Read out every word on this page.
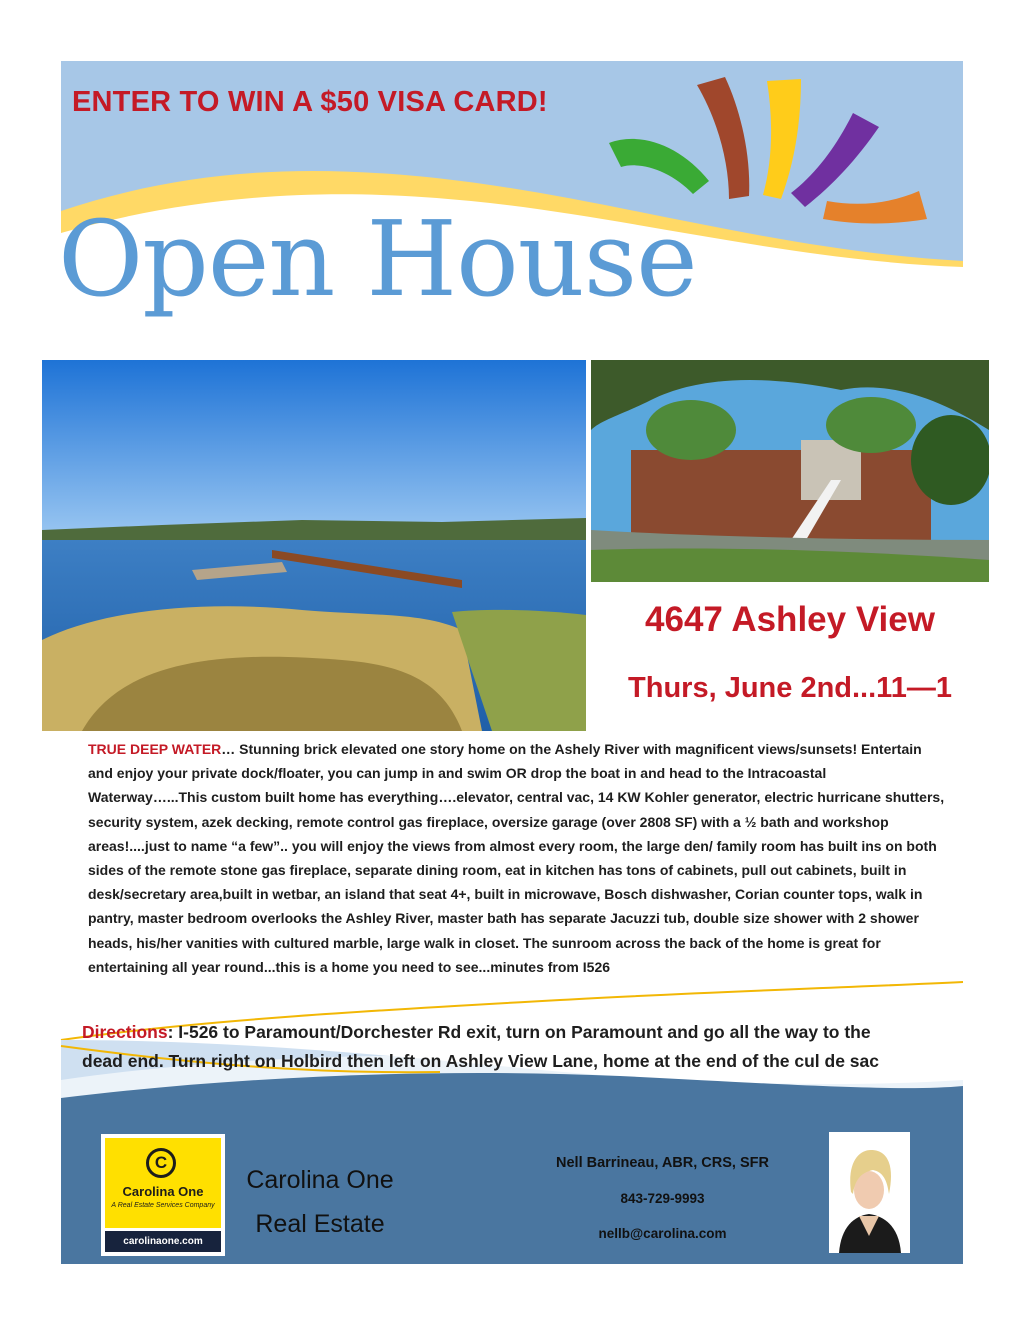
ENTER TO WIN A $50 VISA CARD!
Open House
4647 Ashley View
Thurs, June 2nd...11—1
TRUE DEEP WATER… Stunning brick elevated one story home on the Ashely River with magnificent views/sunsets! Entertain and enjoy your private dock/floater, you can jump in and swim OR drop the boat in and head to the Intracoastal Waterway…...This custom built home has everything….elevator, central vac, 14 KW Kohler generator, electric hurricane shutters, security system, azek decking, remote control gas fireplace, oversize garage (over 2808 SF) with a ½ bath and workshop areas!....just to name “a few”.. you will enjoy the views from almost every room, the large den/ family room has built ins on both sides of the remote stone gas fireplace, separate dining room, eat in kitchen has tons of cabinets, pull out cabinets, built in desk/secretary area,built in wetbar, an island that seat 4+, built in microwave, Bosch dishwasher, Corian counter tops, walk in pantry, master bedroom overlooks the Ashley River, master bath has separate Jacuzzi tub, double size shower with 2 shower heads, his/her vanities with cultured marble, large walk in closet. The sunroom across the back of the home is great for entertaining all year round...this is a home you need to see...minutes from I526
Directions: I-526 to Paramount/Dorchester Rd exit, turn on Paramount and go all the way to the dead end. Turn right on Holbird then left on Ashley View Lane, home at the end of the cul de sac
C
Carolina One
A Real Estate Services Company
carolinaone.com
Carolina One
Real Estate
Nell Barrineau, ABR, CRS, SFR
843-729-9993
nellb@carolina.com
